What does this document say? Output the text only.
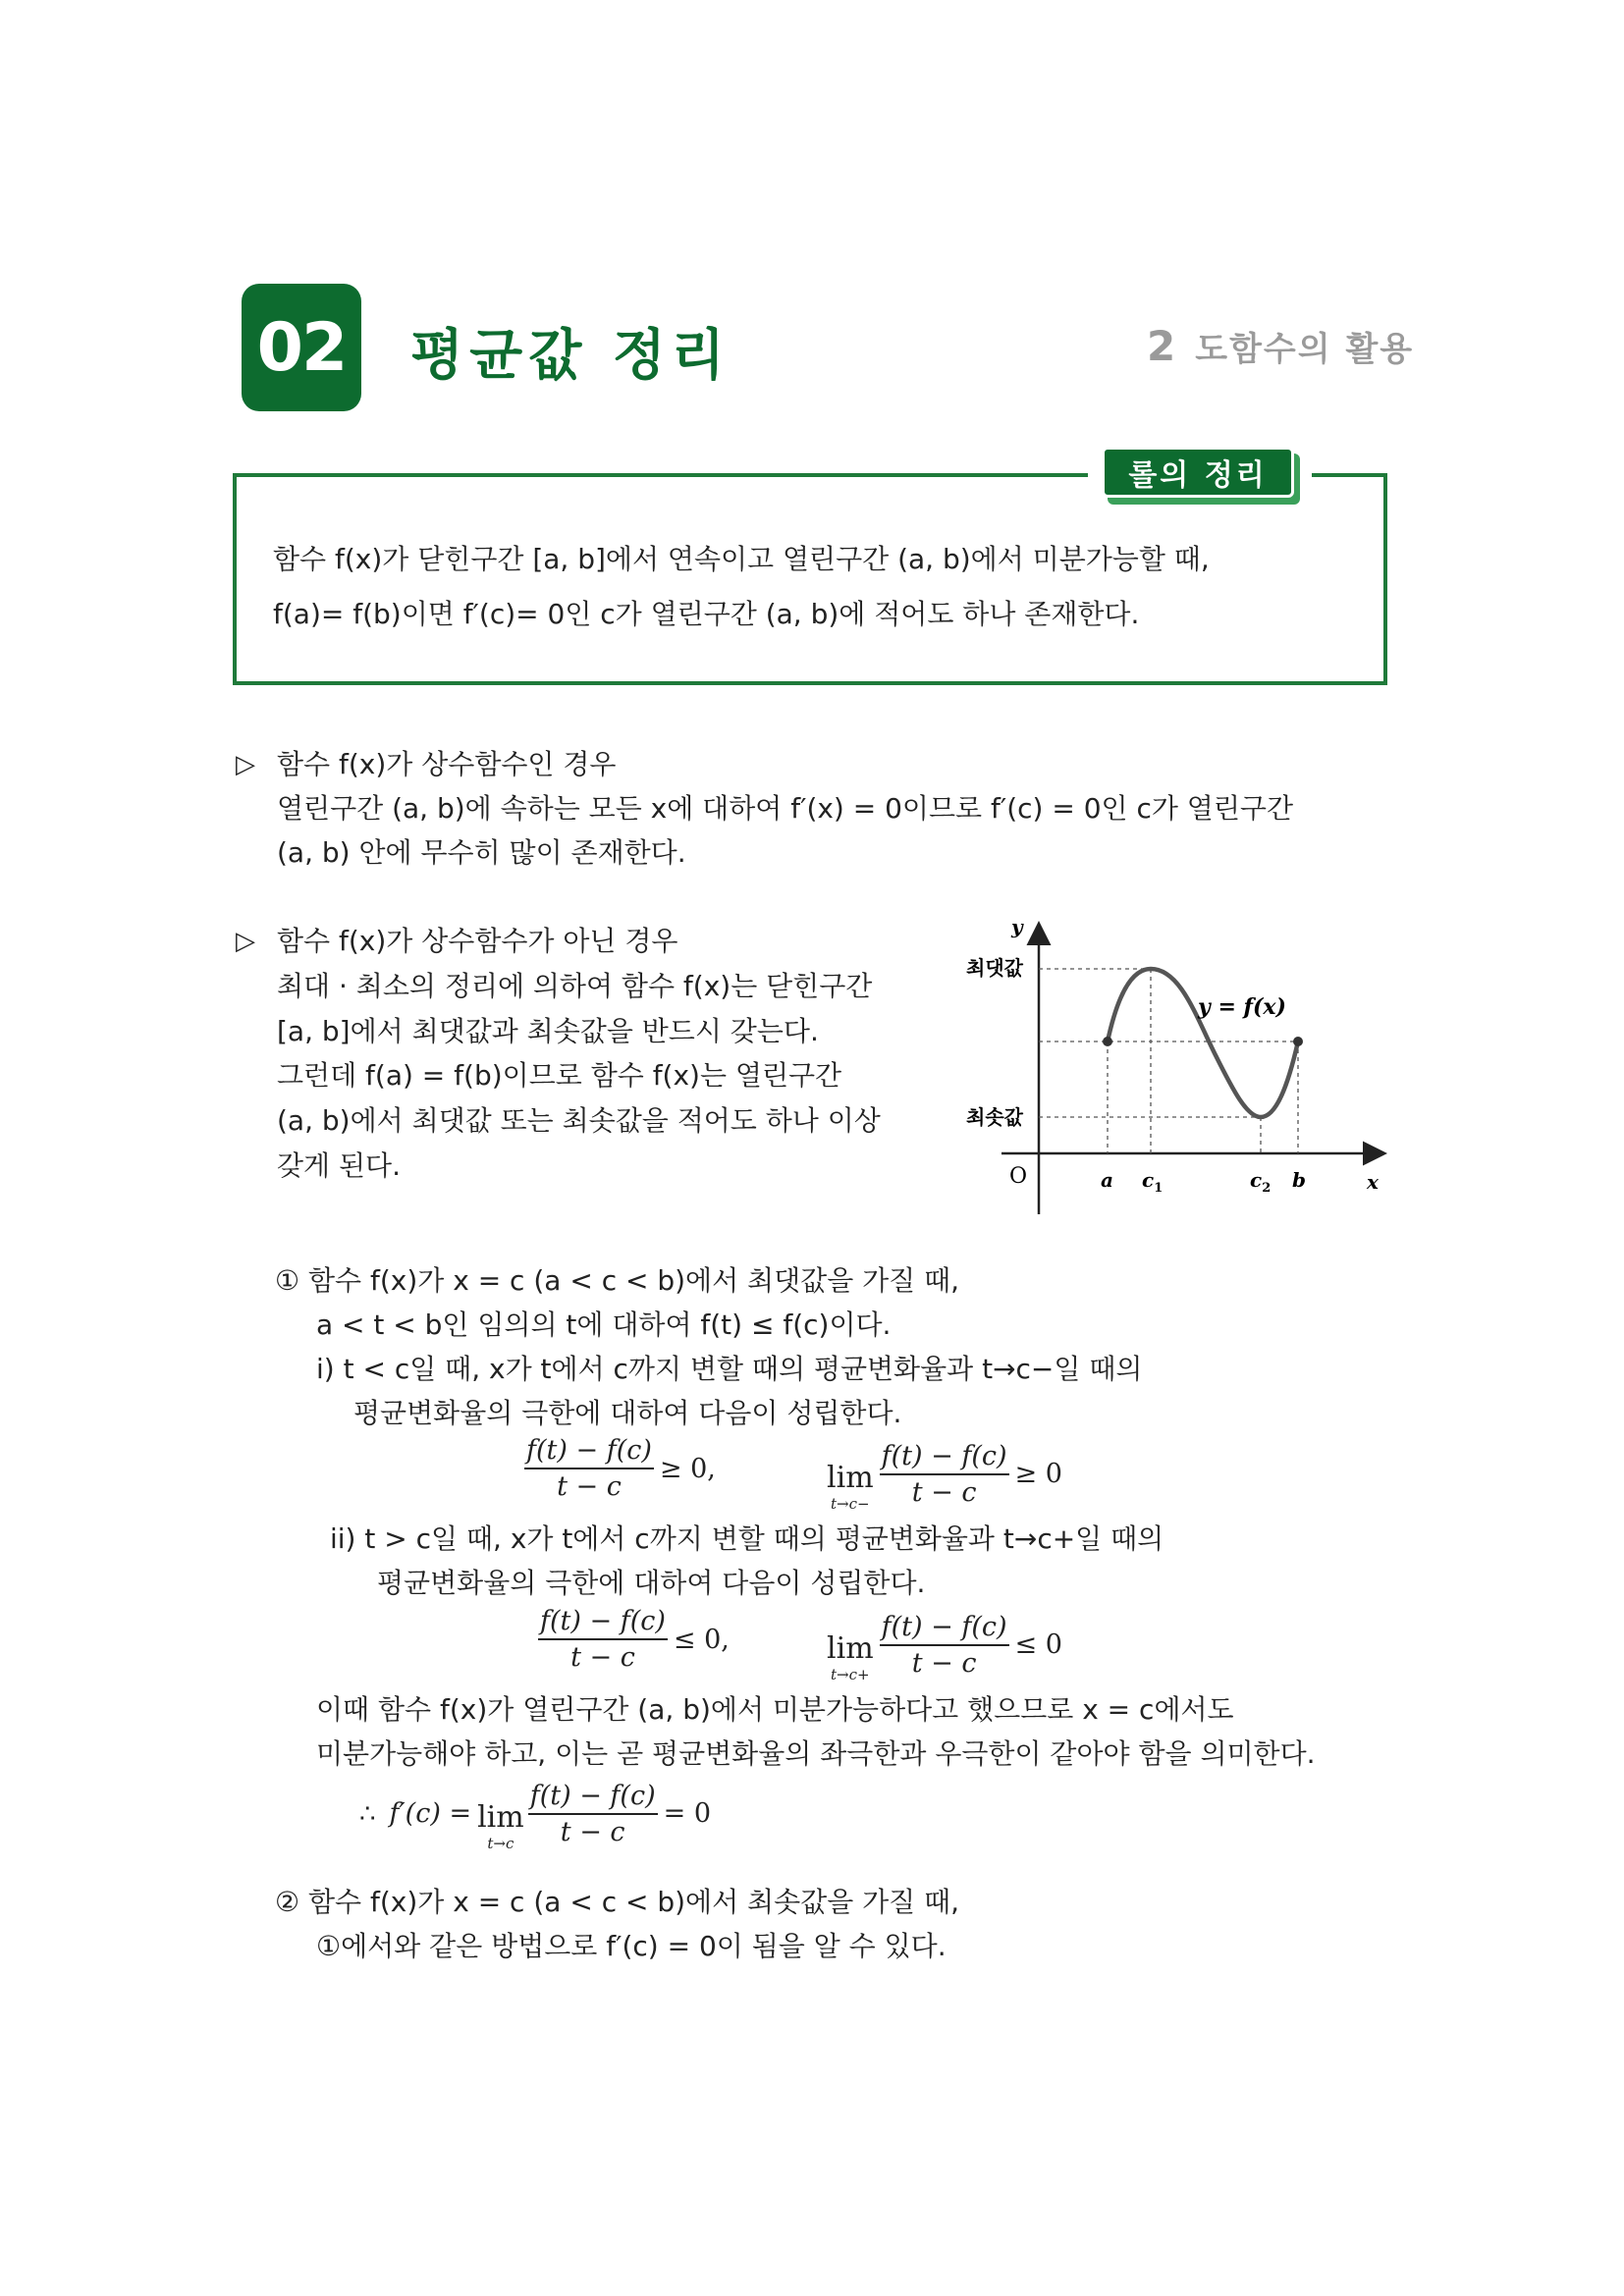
02 평균값 정리	2 도함수의 활용
롤의 정리
함수 f(x)가 닫힌구간 [a, b]에서 연속이고 열린구간 (a, b)에서 미분가능할 때,
f(a)= f(b)이면 f′(c)= 0인 c가 열린구간 (a, b)에 적어도 하나 존재한다.
▷ 함수 f(x)가 상수함수인 경우
열린구간 (a, b)에 속하는 모든 x에 대하여 f′(x) = 0이므로 f′(c) = 0인 c가 열린구간
(a, b) 안에 무수히 많이 존재한다.
▷ 함수 f(x)가 상수함수가 아닌 경우
최대 · 최소의 정리에 의하여 함수 f(x)는 닫힌구간
[a, b]에서 최댓값과 최솟값을 반드시 갖는다.
그런데 f(a) = f(b)이므로 함수 f(x)는 열린구간
(a, b)에서 최댓값 또는 최솟값을 적어도 하나 이상
갖게 된다.
y
x
O
최댓값
최솟값
y = f(x)
a $c_1$	$c_2$ b
① 함수 f(x)가 x = c (a < c < b)에서 최댓값을 가질 때,
a < t < b인 임의의 t에 대하여 f(t) ≤ f(c)이다.
i) t < c일 때, x가 t에서 c까지 변할 때의 평균변화율과 t→c−일 때의
평균변화율의 극한에 대하여 다음이 성립한다.
$\frac{f(t) - f(c)}{t - c} \ge 0$,	lim
$t\to c- \frac{f(t) - f(c)}{t - c} \ge 0$
ii) t > c일 때, x가 t에서 c까지 변할 때의 평균변화율과 t→c+일 때의
평균변화율의 극한에 대하여 다음이 성립한다.
$\frac{f(t) - f(c)}{t - c} \le 0$,	lim
$t\to c+ \frac{f(t) - f(c)}{t - c} \le 0$
이때 함수 f(x)가 열린구간 (a, b)에서 미분가능하다고 했으므로 x = c에서도
미분가능해야 하고, 이는 곧 평균변화율의 좌극한과 우극한이 같아야 함을 의미한다.
∴ f′(c) = lim
$t\to c \frac{f(t) - f(c)}{t - c} = 0$
② 함수 f(x)가 x = c (a < c < b)에서 최솟값을 가질 때,
①에서와 같은 방법으로 f′(c) = 0이 됨을 알 수 있다.
